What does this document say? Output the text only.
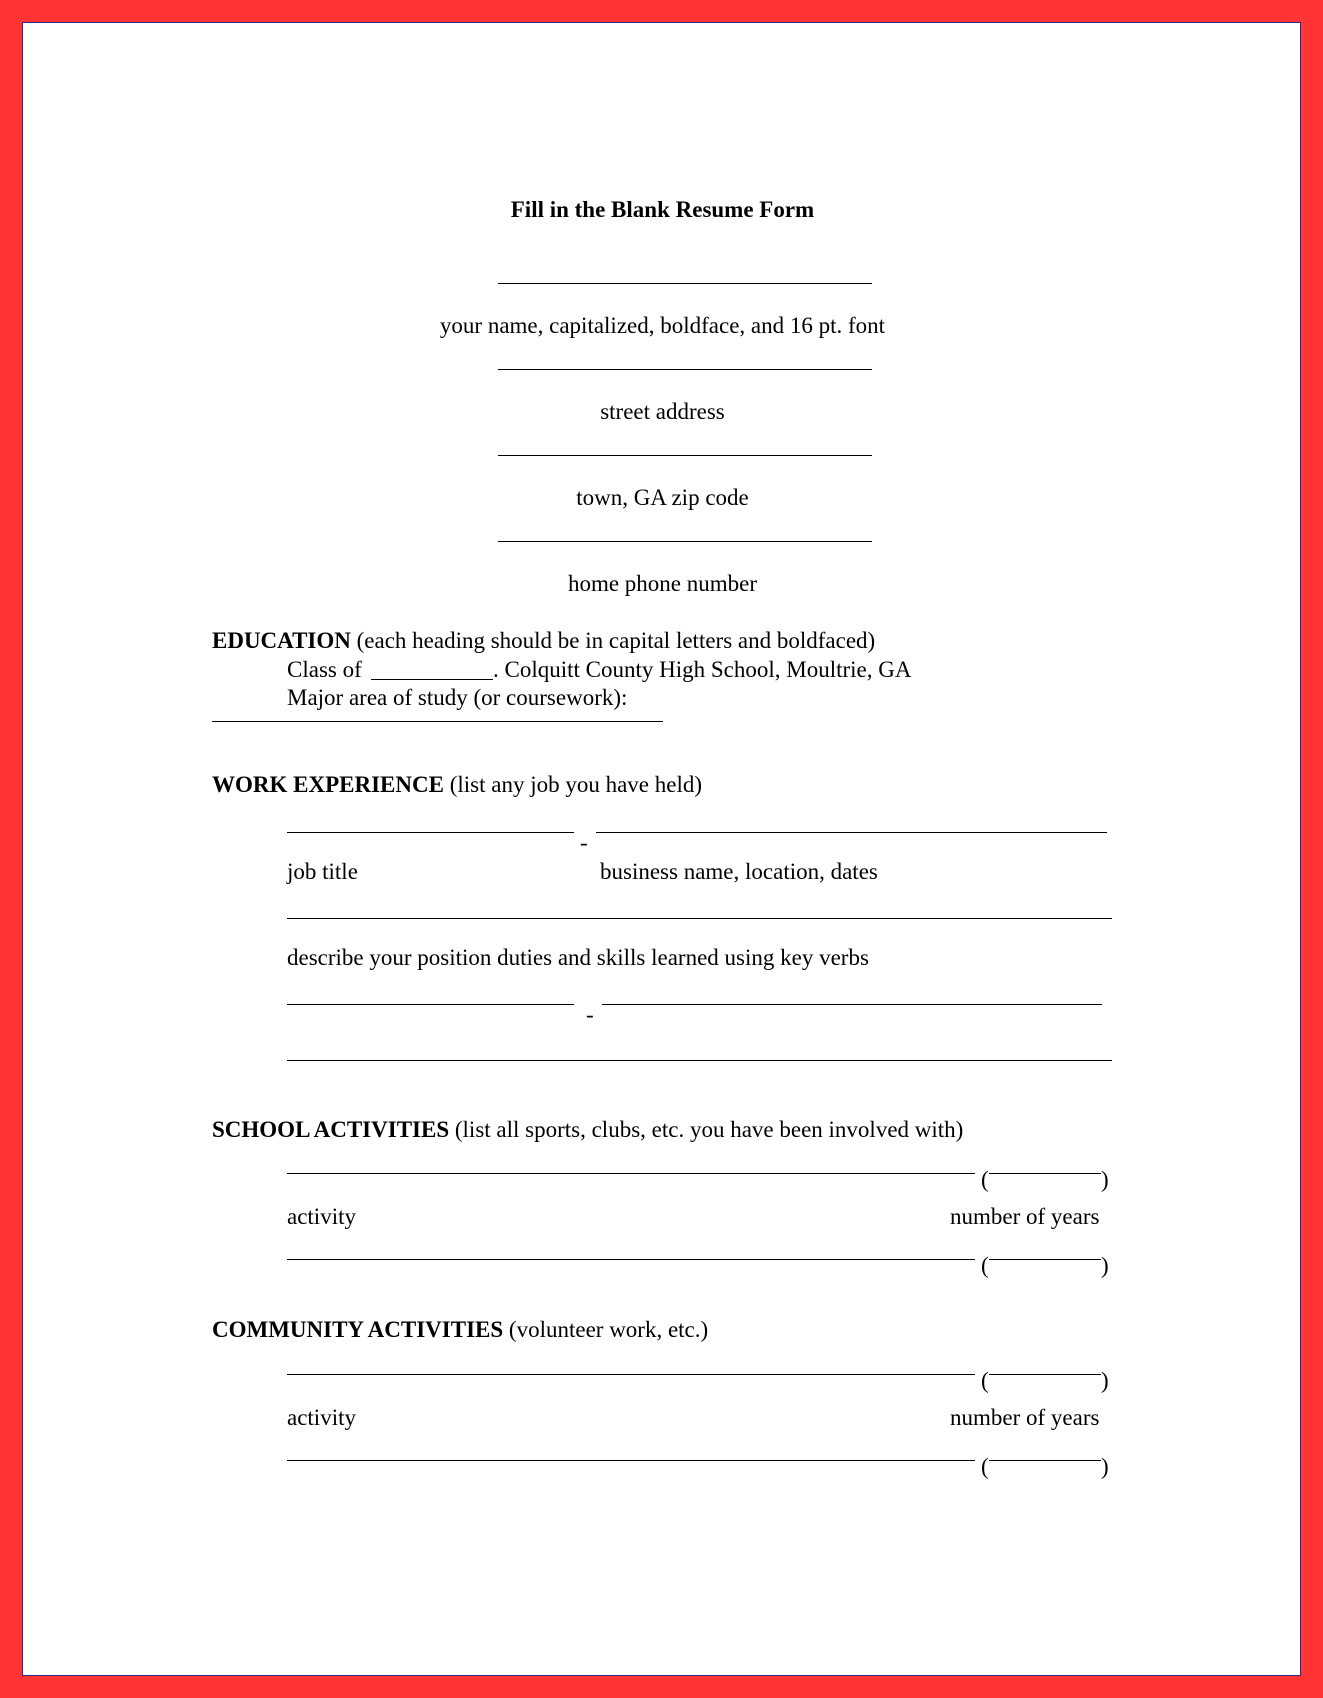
Fill in the Blank Resume Form
your name, capitalized, boldface, and 16 pt. font
street address
town, GA zip code
home phone number
EDUCATION (each heading should be in capital letters and boldfaced)
Class of	. Colquitt County High School, Moultrie, GA
Major area of study (or coursework):
WORK EXPERIENCE (list any job you have held)
-
job title	business name, location, dates
describe your position duties and skills learned using key verbs
-
SCHOOL ACTIVITIES (list all sports, clubs, etc. you have been involved with)
(	)
activity	number of years
(	)
COMMUNITY ACTIVITIES (volunteer work, etc.)
(	)
activity	number of years
(	)
